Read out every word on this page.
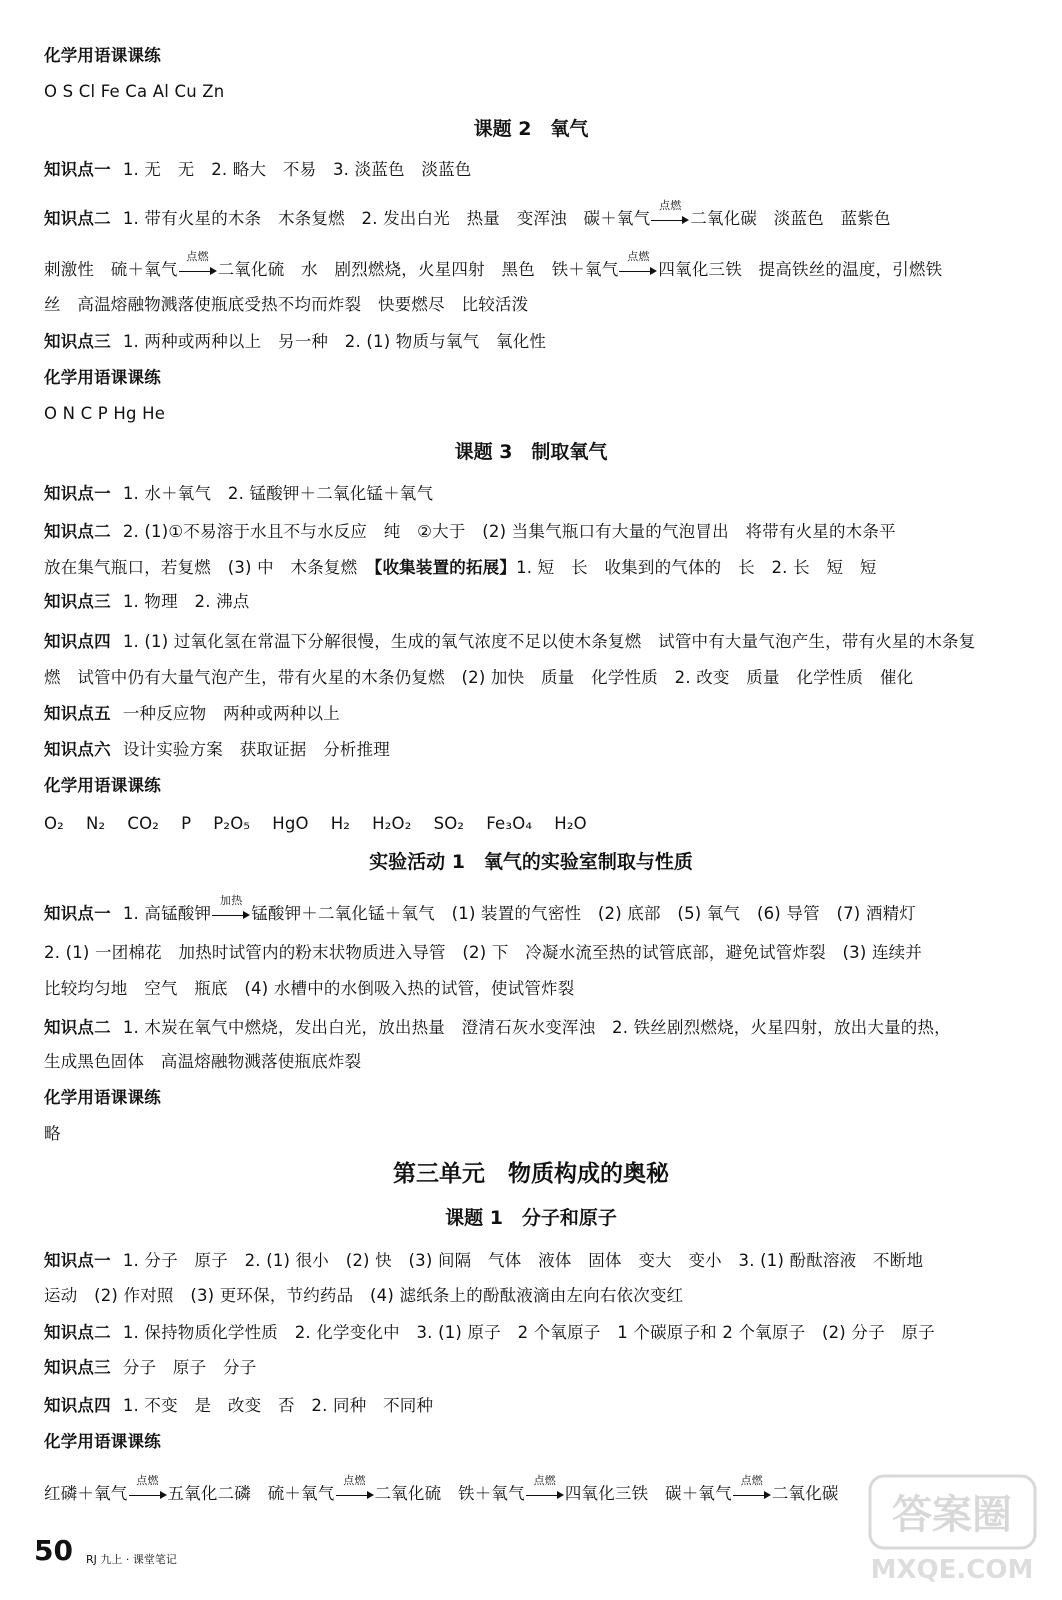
化学用语课课练
O S Cl Fe Ca Al Cu Zn
课题 2　氧气
知识点一 1. 无　无　2. 略大　不易　3. 淡蓝色　淡蓝色
知识点二 1. 带有火星的木条　木条复燃　2. 发出白光　热量　变浑浊　碳＋氧气
点燃
二氧化碳　淡蓝色　蓝紫色
刺激性　硫＋氧气
点燃
二氧化硫　水　剧烈燃烧，火星四射　黑色　铁＋氧气
点燃
四氧化三铁　提高铁丝的温度，引燃铁
丝　高温熔融物溅落使瓶底受热不均而炸裂　快要燃尽　比较活泼
知识点三 1. 两种或两种以上　另一种　2. (1) 物质与氧气　氧化性
化学用语课课练
O N C P Hg He
课题 3　制取氧气
知识点一 1. 水＋氧气　2. 锰酸钾＋二氧化锰＋氧气
知识点二 2. (1)①不易溶于水且不与水反应　纯　②大于　(2) 当集气瓶口有大量的气泡冒出　将带有火星的木条平
放在集气瓶口，若复燃　(3) 中　木条复燃　【收集装置的拓展】1. 短　长　收集到的气体的　长　2. 长　短　短
知识点三 1. 物理　2. 沸点
知识点四 1. (1) 过氧化氢在常温下分解很慢，生成的氧气浓度不足以使木条复燃　试管中有大量气泡产生，带有火星的木条复
燃　试管中仍有大量气泡产生，带有火星的木条仍复燃　(2) 加快　质量　化学性质　2. 改变　质量　化学性质　催化
知识点五 一种反应物　两种或两种以上
知识点六 设计实验方案　获取证据　分析推理
化学用语课课练
O₂ N₂ CO₂ P P₂O₅ HgO H₂ H₂O₂ SO₂ Fe₃O₄ H₂O
实验活动 1　氧气的实验室制取与性质
知识点一 1. 高锰酸钾
加热
锰酸钾＋二氧化锰＋氧气　(1) 装置的气密性　(2) 底部　(5) 氧气　(6) 导管　(7) 酒精灯
2. (1) 一团棉花　加热时试管内的粉末状物质进入导管　(2) 下　冷凝水流至热的试管底部，避免试管炸裂　(3) 连续并
比较均匀地　空气　瓶底　(4) 水槽中的水倒吸入热的试管，使试管炸裂
知识点二 1. 木炭在氧气中燃烧，发出白光，放出热量　澄清石灰水变浑浊　2. 铁丝剧烈燃烧，火星四射，放出大量的热，
生成黑色固体　高温熔融物溅落使瓶底炸裂
化学用语课课练
略
第三单元　物质构成的奥秘
课题 1　分子和原子
知识点一 1. 分子　原子　2. (1) 很小　(2) 快　(3) 间隔　气体　液体　固体　变大　变小　3. (1) 酚酞溶液　不断地
运动　(2) 作对照　(3) 更环保，节约药品　(4) 滤纸条上的酚酞液滴由左向右依次变红
知识点二 1. 保持物质化学性质　2. 化学变化中　3. (1) 原子　2 个氧原子　1 个碳原子和 2 个氧原子　(2) 分子　原子
知识点三 分子　原子　分子
知识点四 1. 不变　是　改变　否　2. 同种　不同种
化学用语课课练
红磷＋氧气
点燃
五氧化二磷　硫＋氧气
点燃
二氧化硫　铁＋氧气
点燃
四氧化三铁　碳＋氧气
点燃
二氧化碳
50 RJ 九上 · 课堂笔记
答案圈
MXQE.COM
